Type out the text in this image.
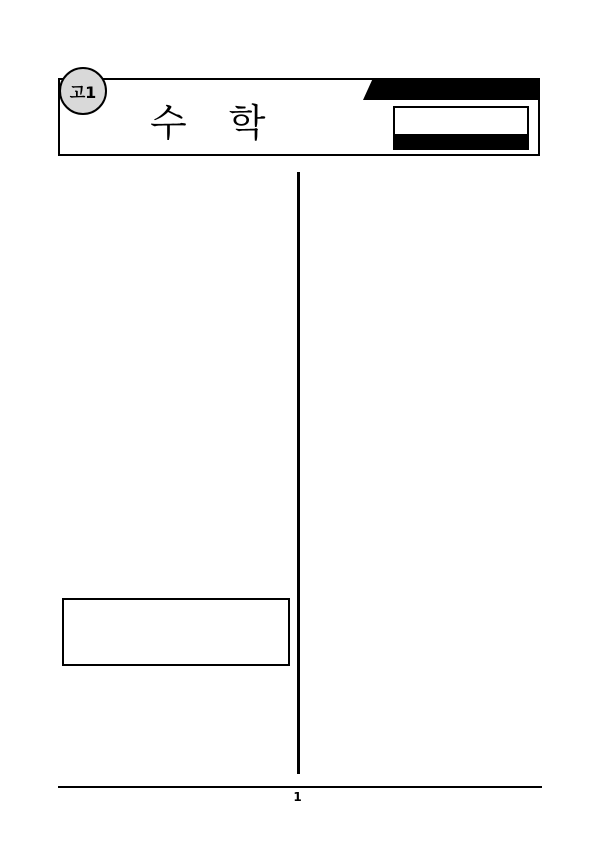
고1
수학
1
